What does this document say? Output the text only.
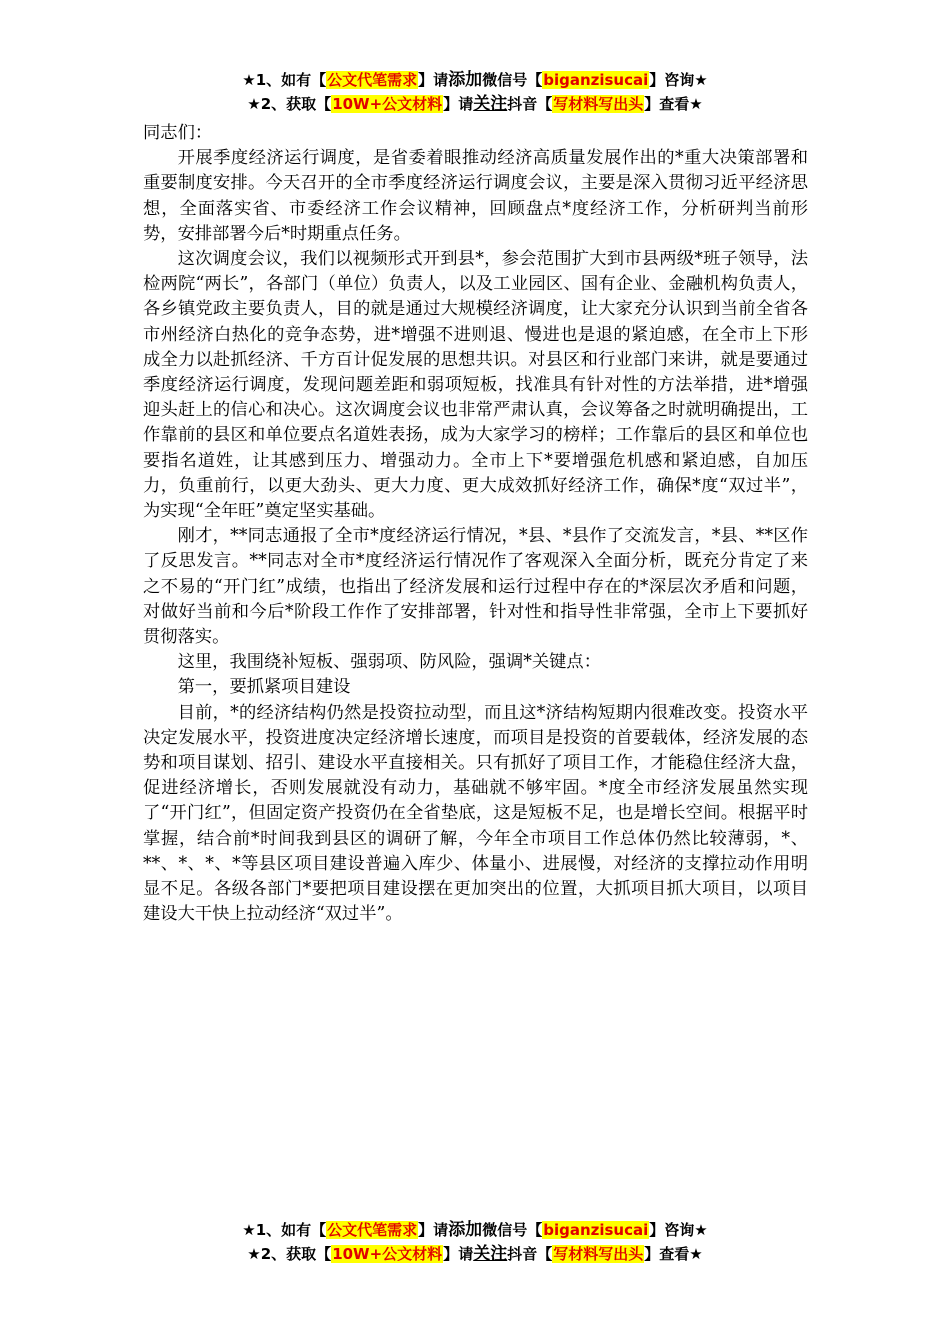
★1、如有【公文代笔需求】请添加微信号【biganzisucai】咨询★
★2、获取【10W+公文材料】请关注抖音【写材料写出头】查看★

同志们：

开展季度经济运行调度，是省委着眼推动经济高质量发展作出的*重大决策部署和重要制度安排。今天召开的全市季度经济运行调度会议，主要是深入贯彻习近平经济思想，全面落实省、市委经济工作会议精神，回顾盘点*度经济工作，分析研判当前形势，安排部署今后*时期重点任务。

这次调度会议，我们以视频形式开到县*，参会范围扩大到市县两级*班子领导，法检两院“两长”，各部门（单位）负责人，以及工业园区、国有企业、金融机构负责人，各乡镇党政主要负责人，目的就是通过大规模经济调度，让大家充分认识到当前全省各市州经济白热化的竞争态势，进*增强不进则退、慢进也是退的紧迫感，在全市上下形成全力以赴抓经济、千方百计促发展的思想共识。对县区和行业部门来讲，就是要通过季度经济运行调度，发现问题差距和弱项短板，找准具有针对性的方法举措，进*增强迎头赶上的信心和决心。这次调度会议也非常严肃认真，会议筹备之时就明确提出，工作靠前的县区和单位要点名道姓表扬，成为大家学习的榜样；工作靠后的县区和单位也要指名道姓，让其感到压力、增强动力。全市上下*要增强危机感和紧迫感，自加压力，负重前行，以更大劲头、更大力度、更大成效抓好经济工作，确保*度“双过半”，为实现“全年旺”奠定坚实基础。

刚才，**同志通报了全市*度经济运行情况，*县、*县作了交流发言，*县、**区作了反思发言。**同志对全市*度经济运行情况作了客观深入全面分析，既充分肯定了来之不易的“开门红”成绩，也指出了经济发展和运行过程中存在的*深层次矛盾和问题，对做好当前和今后*阶段工作作了安排部署，针对性和指导性非常强，全市上下要抓好贯彻落实。

这里，我围绕补短板、强弱项、防风险，强调*关键点：

第一，要抓紧项目建设

目前，*的经济结构仍然是投资拉动型，而且这*济结构短期内很难改变。投资水平决定发展水平，投资进度决定经济增长速度，而项目是投资的首要载体，经济发展的态势和项目谋划、招引、建设水平直接相关。只有抓好了项目工作，才能稳住经济大盘，促进经济增长，否则发展就没有动力，基础就不够牢固。*度全市经济发展虽然实现了“开门红”，但固定资产投资仍在全省垫底，这是短板不足，也是增长空间。根据平时掌握，结合前*时间我到县区的调研了解，今年全市项目工作总体仍然比较薄弱，*、**、*、*、*等县区项目建设普遍入库少、体量小、进展慢，对经济的支撑拉动作用明显不足。各级各部门*要把项目建设摆在更加突出的位置，大抓项目抓大项目，以项目建设大干快上拉动经济“双过半”。

★1、如有【公文代笔需求】请添加微信号【biganzisucai】咨询★
★2、获取【10W+公文材料】请关注抖音【写材料写出头】查看★
